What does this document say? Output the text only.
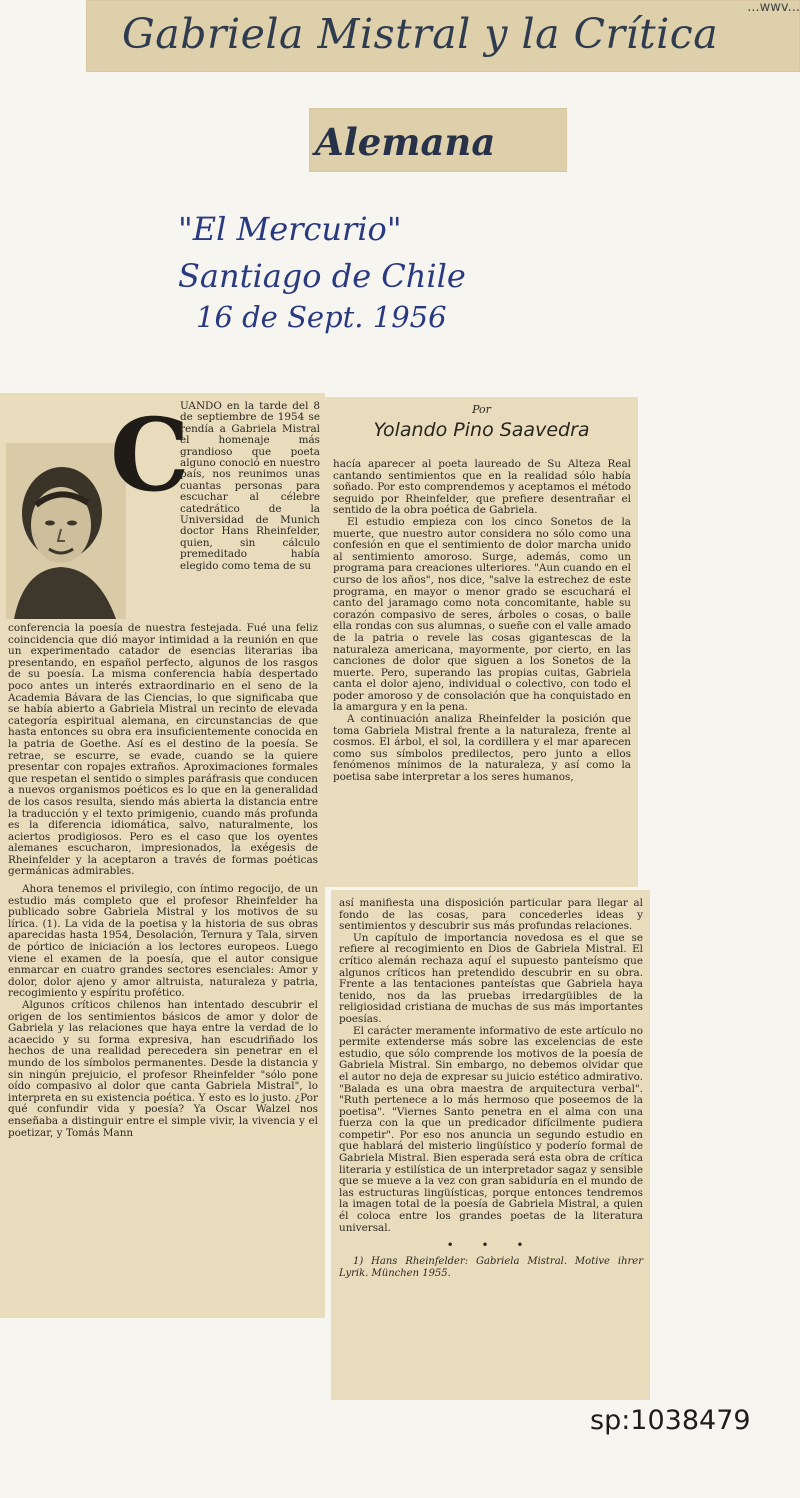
Gabriela Mistral y la Crítica
...wwv...
Alemana
"El Mercurio"
Santiago de Chile
16 de Sept. 1956
C

UANDO en la tarde del 8 de septiembre de 1954 se rendía a Gabriela Mistral el homenaje más grandioso que poeta alguno conoció en nuestro país, nos reunimos unas cuantas personas para escuchar al célebre catedrático de la Universidad de Munich doctor Hans Rheinfelder, quien, sin cálculo premeditado había elegido como tema de su

conferencia la poesía de nuestra festejada. Fué una feliz coincidencia que dió mayor intimidad a la reunión en que un experimentado catador de esencias literarias iba presentando, en español perfecto, algunos de los rasgos de su poesía. La misma conferencia había despertado poco antes un interés extraordinario en el seno de la Academia Bávara de las Ciencias, lo que significaba que se había abierto a Gabriela Mistral un recinto de elevada categoría espiritual alemana, en circunstancias de que hasta entonces su obra era insuficientemente conocida en la patria de Goethe. Así es el destino de la poesía. Se retrae, se escurre, se evade, cuando se la quiere presentar con ropajes extraños. Aproximaciones formales que respetan el sentido o simples paráfrasis que conducen a nuevos organismos poéticos es lo que en la generalidad de los casos resulta, siendo más abierta la distancia entre la traducción y el texto primigenio, cuando más profunda es la diferencia idiomática, salvo, naturalmente, los aciertos prodigiosos. Pero es el caso que los oyentes alemanes escucharon, impresionados, la exégesis de Rheinfelder y la aceptaron a través de formas poéticas germánicas admirables.

Ahora tenemos el privilegio, con íntimo regocijo, de un estudio más completo que el profesor Rheinfelder ha publicado sobre Gabriela Mistral y los motivos de su lírica. (1). La vida de la poetisa y la historia de sus obras aparecidas hasta 1954, Desolación, Ternura y Tala, sirven de pórtico de iniciación a los lectores europeos. Luego viene el examen de la poesía, que el autor consigue enmarcar en cuatro grandes sectores esenciales: Amor y dolor, dolor ajeno y amor altruista, naturaleza y patria, recogimiento y espíritu profético.

Algunos críticos chilenos han intentado descubrir el origen de los sentimientos básicos de amor y dolor de Gabriela y las relaciones que haya entre la verdad de lo acaecido y su forma expresiva, han escudriñado los hechos de una realidad perecedera sin penetrar en el mundo de los símbolos permanentes. Desde la distancia y sin ningún prejuicio, el profesor Rheinfelder "sólo pone oído compasivo al dolor que canta Gabriela Mistral", lo interpreta en su existencia poética. Y esto es lo justo. ¿Por qué confundir vida y poesía? Ya Oscar Walzel nos enseñaba a distinguir entre el simple vivir, la vivencia y el poetizar, y Tomás Mann

Por
Yolando Pino Saavedra

hacía aparecer al poeta laureado de Su Alteza Real cantando sentimientos que en la realidad sólo había soñado. Por esto comprendemos y aceptamos el método seguido por Rheinfelder, que prefiere desentrañar el sentido de la obra poética de Gabriela.

El estudio empieza con los cinco Sonetos de la muerte, que nuestro autor considera no sólo como una confesión en que el sentimiento de dolor marcha unido al sentimiento amoroso. Surge, además, como un programa para creaciones ulteriores. "Aun cuando en el curso de los años", nos dice, "salve la estrechez de este programa, en mayor o menor grado se escuchará el canto del jaramago como nota concomitante, hable su corazón compasivo de seres, árboles o cosas, o baile ella rondas con sus alumnas, o sueñe con el valle amado de la patria o revele las cosas gigantescas de la naturaleza americana, mayormente, por cierto, en las canciones de dolor que siguen a los Sonetos de la muerte. Pero, superando las propias cuitas, Gabriela canta el dolor ajeno, individual o colectivo, con todo el poder amoroso y de consolación que ha conquistado en la amargura y en la pena.

A continuación analiza Rheinfelder la posición que toma Gabriela Mistral frente a la naturaleza, frente al cosmos. El árbol, el sol, la cordillera y el mar aparecen como sus símbolos predilectos, pero junto a ellos fenómenos mínimos de la naturaleza, y así como la poetisa sabe interpretar a los seres humanos,

así manifiesta una disposición particular para llegar al fondo de las cosas, para concederles ideas y sentimientos y descubrir sus más profundas relaciones.

Un capítulo de importancia novedosa es el que se refiere al recogimiento en Dios de Gabriela Mistral. El crítico alemán rechaza aquí el supuesto panteísmo que algunos críticos han pretendido descubrir en su obra. Frente a las tentaciones panteístas que Gabriela haya tenido, nos da las pruebas irredargüibles de la religiosidad cristiana de muchas de sus más importantes poesías.

El carácter meramente informativo de este artículo no permite extenderse más sobre las excelencias de este estudio, que sólo comprende los motivos de la poesía de Gabriela Mistral. Sin embargo, no debemos olvidar que el autor no deja de expresar su juicio estético admirativo. "Balada es una obra maestra de arquitectura verbal". "Ruth pertenece a lo más hermoso que poseemos de la poetisa". "Viernes Santo penetra en el alma con una fuerza con la que un predicador difícilmente pudiera competir". Por eso nos anuncia un segundo estudio en que hablará del misterio lingüístico y poderío formal de Gabriela Mistral. Bien esperada será esta obra de crítica literaria y estilística de un interpretador sagaz y sensible que se mueve a la vez con gran sabiduría en el mundo de las estructuras lingüísticas, porque entonces tendremos la imagen total de la poesía de Gabriela Mistral, a quien él coloca entre los grandes poetas de la literatura universal.

• • •

1) Hans Rheinfelder: Gabriela Mistral. Motive ihrer Lyrik. München 1955.

sp:1038479
